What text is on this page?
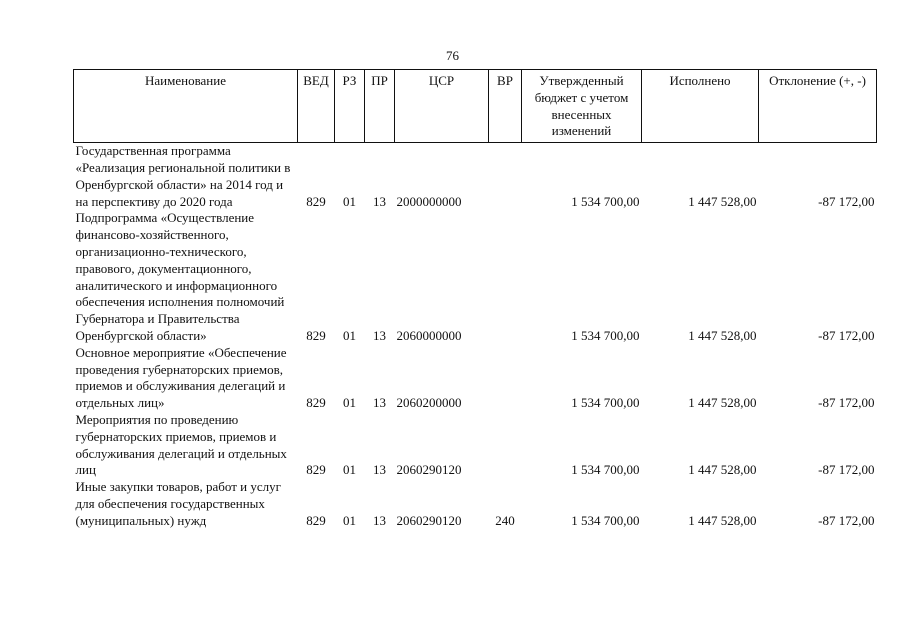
76
Наименование	ВЕД	РЗ	ПР	ЦСР	ВР	Утвержденный бюджет с учетом внесенных изменений	Исполнено	Отклонение (+, -)
Государственная программа «Реализация региональной политики в Оренбургской области» на 2014 год и на перспективу до 2020 года	829	01	13	2000000000		1 534 700,00	1 447 528,00	-87 172,00
Подпрограмма «Осуществление финансово-хозяйственного, организационно-технического, правового, документационного, аналитического и информационного обеспечения исполнения полномочий Губернатора и Правительства Оренбургской области»	829	01	13	2060000000		1 534 700,00	1 447 528,00	-87 172,00
Основное мероприятие «Обеспечение проведения губернаторских приемов, приемов и обслуживания делегаций и отдельных лиц»	829	01	13	2060200000		1 534 700,00	1 447 528,00	-87 172,00
Мероприятия по проведению губернаторских приемов, приемов и обслуживания делегаций и отдельных лиц	829	01	13	2060290120		1 534 700,00	1 447 528,00	-87 172,00
Иные закупки товаров, работ и услуг для обеспечения государственных (муниципальных) нужд	829	01	13	2060290120	240	1 534 700,00	1 447 528,00	-87 172,00
